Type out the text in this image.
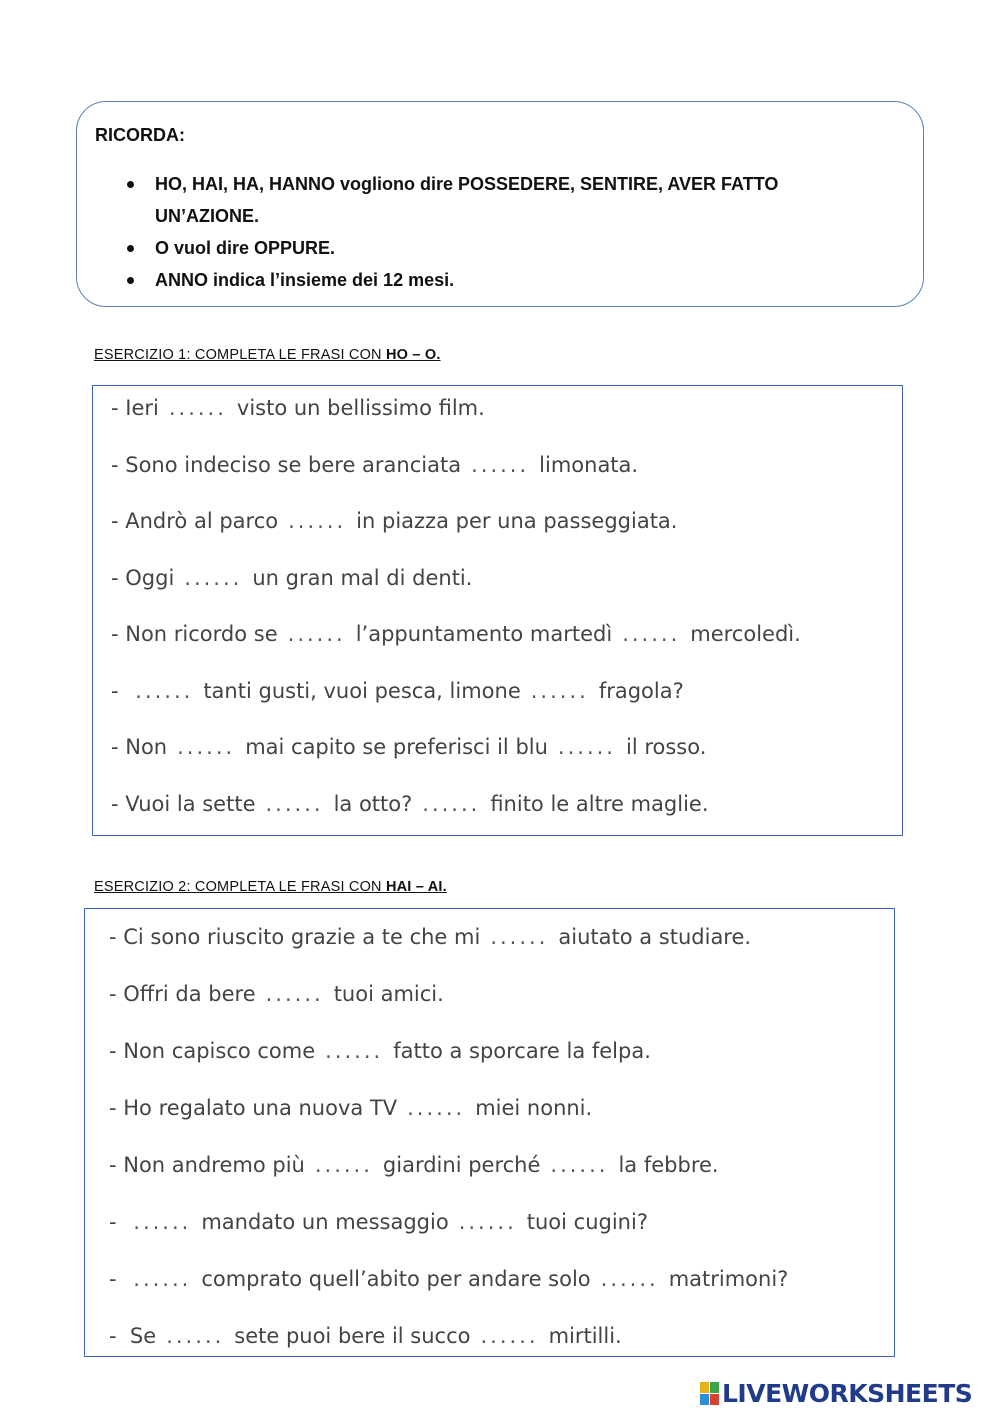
RICORDA:
HO, HAI, HA, HANNO vogliono dire POSSEDERE, SENTIRE, AVER FATTO UN’AZIONE.
O vuol dire OPPURE.
ANNO indica l’insieme dei 12 mesi.
ESERCIZIO 1: COMPLETA LE FRASI CON HO – O.
- Ieri ...... visto un bellissimo film.
- Sono indeciso se bere aranciata ...... limonata.
- Andrò al parco ...... in piazza per una passeggiata.
- Oggi ...... un gran mal di denti.
- Non ricordo se ...... l’appuntamento martedì ...... mercoledì.
- ...... tanti gusti, vuoi pesca, limone ...... fragola?
- Non ...... mai capito se preferisci il blu ...... il rosso.
- Vuoi la sette ...... la otto? ...... finito le altre maglie.
ESERCIZIO 2: COMPLETA LE FRASI CON HAI – AI.
- Ci sono riuscito grazie a te che mi ...... aiutato a studiare.
- Offri da bere ...... tuoi amici.
- Non capisco come ...... fatto a sporcare la felpa.
- Ho regalato una nuova TV ...... miei nonni.
- Non andremo più ...... giardini perché ...... la febbre.
- ...... mandato un messaggio ...... tuoi cugini?
- ...... comprato quell’abito per andare solo ...... matrimoni?
-  Se ...... sete puoi bere il succo ...... mirtilli.
LIVEWORKSHEETS
